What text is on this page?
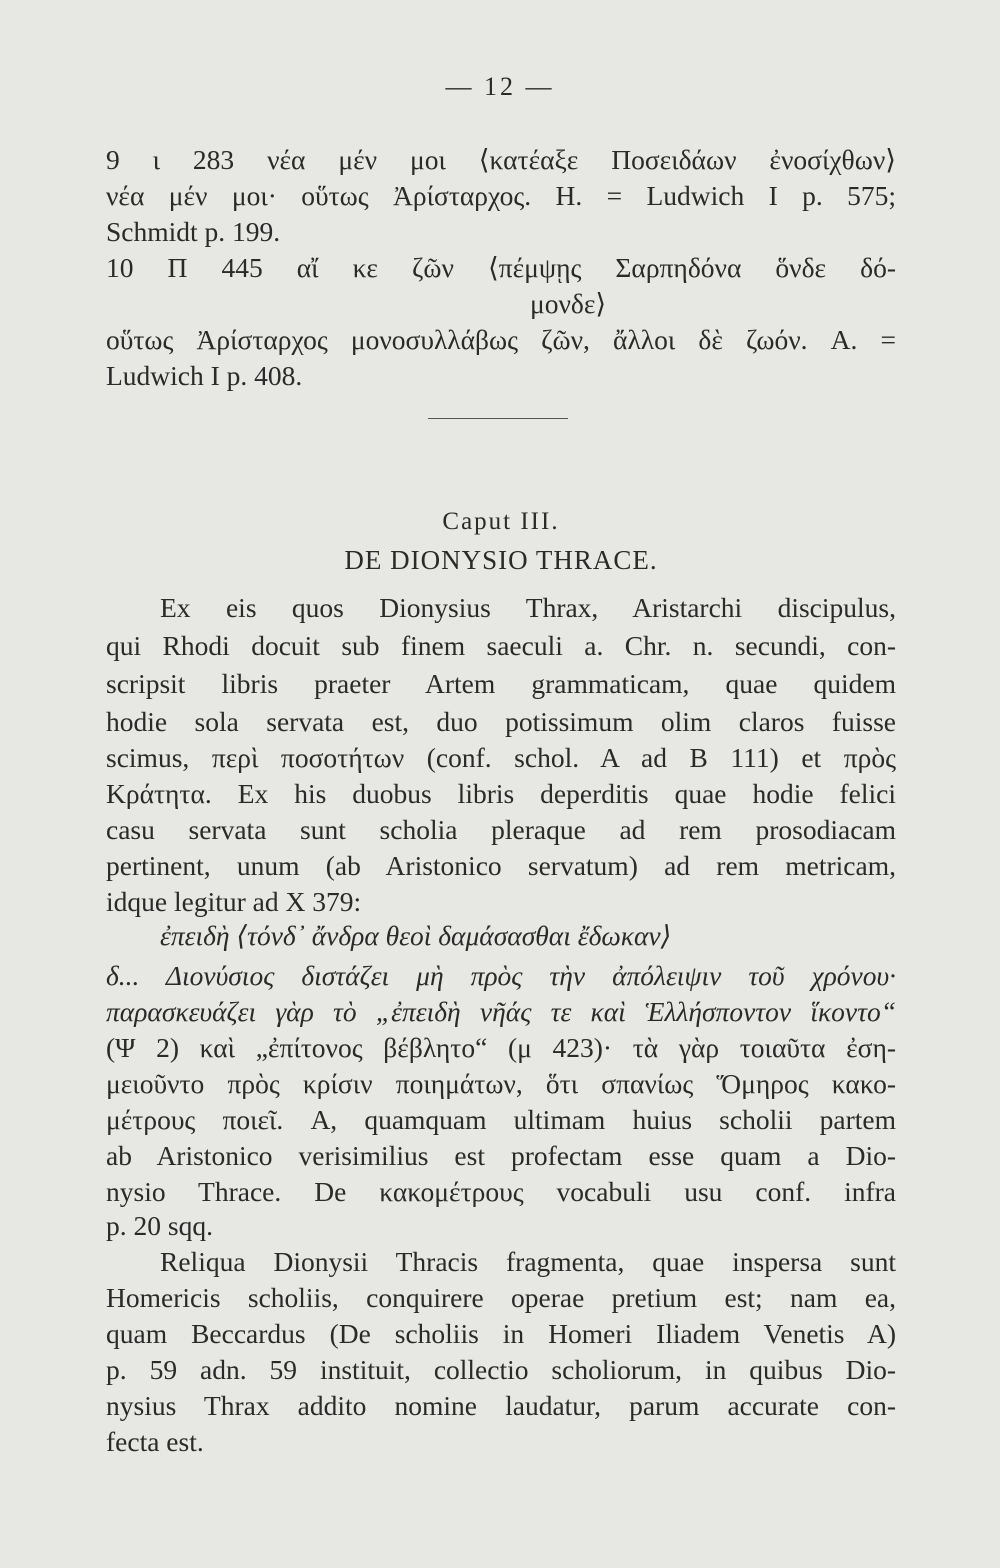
— 12 —
9 ι 283 νέα μέν μοι ⟨κατέαξε Ποσειδάων ἐνοσίχθων⟩
νέα μέν μοι· οὕτως Ἀρίσταρχος. H. = Ludwich I p. 575;
Schmidt p. 199.
10 Π 445 αἴ κε ζῶν ⟨πέμψῃς Σαρπηδόνα ὅνδε δό-
μονδε⟩
οὕτως Ἀρίσταρχος μονοσυλλάβως ζῶν, ἄλλοι δὲ ζωόν. A. =
Ludwich I p. 408.
Caput III.
DE DIONYSIO THRACE.
Ex eis quos Dionysius Thrax, Aristarchi discipulus,
qui Rhodi docuit sub finem saeculi a. Chr. n. secundi, con-
scripsit libris praeter Artem grammaticam, quae quidem
hodie sola servata est, duo potissimum olim claros fuisse
scimus, περὶ ποσοτήτων (conf. schol. A ad B 111) et πρὸς
Κράτητα. Ex his duobus libris deperditis quae hodie felici
casu servata sunt scholia pleraque ad rem prosodiacam
pertinent, unum (ab Aristonico servatum) ad rem metricam,
idque legitur ad X 379:
ἐπειδὴ ⟨τόνδ᾽ ἄνδρα θεοὶ δαμάσασθαι ἔδωκαν⟩
δ... Διονύσιος διστάζει μὴ πρὸς τὴν ἀπόλειψιν τοῦ χρόνου·
παρασκευάζει γὰρ τὸ „ἐπειδὴ νῆάς τε καὶ Ἑλλήσποντον ἵκοντο“
(Ψ 2) καὶ „ἐπίτονος βέβλητο“ (μ 423)· τὰ γὰρ τοιαῦτα ἐση-
μειοῦντο πρὸς κρίσιν ποιημάτων, ὅτι σπανίως Ὅμηρος κακο-
μέτρους ποιεῖ. A, quamquam ultimam huius scholii partem
ab Aristonico verisimilius est profectam esse quam a Dio-
nysio Thrace. De κακομέτρους vocabuli usu conf. infra
p. 20 sqq.
Reliqua Dionysii Thracis fragmenta, quae inspersa sunt
Homericis scholiis, conquirere operae pretium est; nam ea,
quam Beccardus (De scholiis in Homeri Iliadem Venetis A)
p. 59 adn. 59 instituit, collectio scholiorum, in quibus Dio-
nysius Thrax addito nomine laudatur, parum accurate con-
fecta est.
